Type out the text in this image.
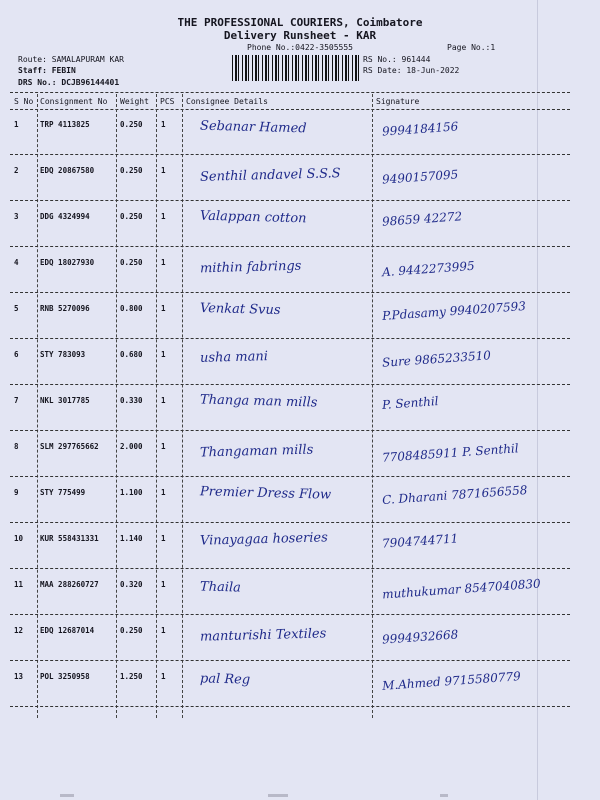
THE PROFESSIONAL COURIERS, Coimbatore
Delivery Runsheet - KAR
Phone No.:0422-3505555	Page No.:1
Route: SAMALAPURAM KAR
Staff: FEBIN
DRS No.: DCJB96144401
RS No.: 961444
RS Date: 18-Jun-2022
S No Consignment No Weight PCS Consignee Details	Signature
1	TRP 4113825	0.250 1	Sebanar Hamed	9994184156
2	EDQ 20867580	0.250 1	Senthil andavel S.S.S	9490157095
3	DDG 4324994	0.250 1	Valappan cotton	98659 42272
4	EDQ 18027930	0.250 1	mithin fabrings	A. 9442273995
5	RNB 5270096	0.800 1	Venkat Svus	P.Pdasamy 9940207593
6	STY 783093	0.680 1	usha mani	Sure 9865233510
7	NKL 3017785	0.330 1	Thanga man mills	P. Senthil
8	SLM 297765662	2.000 1	Thangaman mills	7708485911 P. Senthil
9	STY 775499	1.100 1	Premier Dress Flow	C. Dharani 7871656558
10 KUR 558431331	1.140 1	Vinayagaa hoseries	7904744711
11 MAA 288260727	0.320 1	Thaila	muthukumar 8547040830
12 EDQ 12687014	0.250 1	manturishi Textiles	9994932668
13 POL 3250958	1.250 1	pal Reg	M.Ahmed 9715580779
